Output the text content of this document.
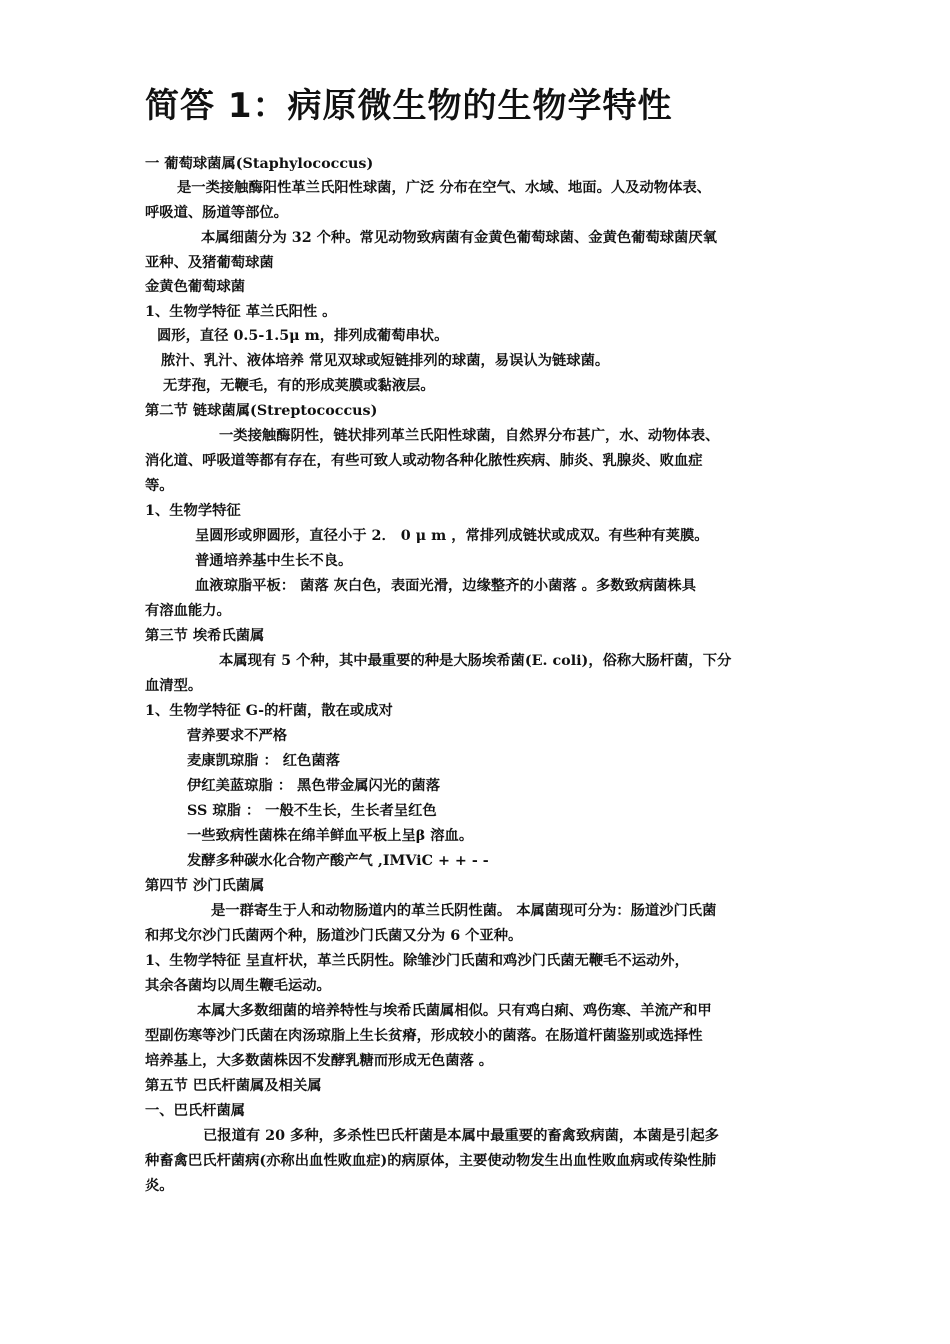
简答 1：病原微生物的生物学特性

一 葡萄球菌属(Staphylococcus)

是一类接触酶阳性革兰氏阳性球菌，广泛 分布在空气、水域、地面。人及动物体表、

呼吸道、肠道等部位。

本属细菌分为 32 个种。常见动物致病菌有金黄色葡萄球菌、金黄色葡萄球菌厌氧

亚种、及猪葡萄球菌

金黄色葡萄球菌

1、生物学特征 革兰氏阳性 。

圆形，直径 0.5-1.5μ m，排列成葡萄串状。

脓汁、乳汁、液体培养 常见双球或短链排列的球菌，易误认为链球菌。

无芽孢，无鞭毛，有的形成荚膜或黏液层。

第二节 链球菌属(Streptococcus)

一类接触酶阴性，链状排列革兰氏阳性球菌，自然界分布甚广，水、动物体表、

消化道、呼吸道等都有存在，有些可致人或动物各种化脓性疾病、肺炎、乳腺炎、败血症

等。

1、生物学特征

呈圆形或卵圆形，直径小于 2． 0 μ m ，常排列成链状或成双。有些种有荚膜。

普通培养基中生长不良。

血液琼脂平板： 菌落 灰白色，表面光滑，边缘整齐的小菌落 。多数致病菌株具

有溶血能力。

第三节 埃希氏菌属

本属现有 5 个种，其中最重要的种是大肠埃希菌(E. coli)，俗称大肠杆菌，下分

血清型。

1、生物学特征 G-的杆菌，散在或成对

营养要求不严格

麦康凯琼脂 ： 红色菌落

伊红美蓝琼脂 ： 黑色带金属闪光的菌落

SS 琼脂 ： 一般不生长，生长者呈红色

一些致病性菌株在绵羊鲜血平板上呈β 溶血。

发酵多种碳水化合物产酸产气 ,IMViC + + - -

第四节 沙门氏菌属

是一群寄生于人和动物肠道内的革兰氏阴性菌。 本属菌现可分为：肠道沙门氏菌

和邦戈尔沙门氏菌两个种，肠道沙门氏菌又分为 6 个亚种。

1、生物学特征 呈直杆状，革兰氏阴性。除雏沙门氏菌和鸡沙门氏菌无鞭毛不运动外，

其余各菌均以周生鞭毛运动。

本属大多数细菌的培养特性与埃希氏菌属相似。只有鸡白痢、鸡伤寒、羊流产和甲

型副伤寒等沙门氏菌在肉汤琼脂上生长贫瘠，形成较小的菌落。在肠道杆菌鉴别或选择性

培养基上，大多数菌株因不发酵乳糖而形成无色菌落 。

第五节 巴氏杆菌属及相关属

一、巴氏杆菌属

已报道有 20 多种，多杀性巴氏杆菌是本属中最重要的畜禽致病菌，本菌是引起多

种畜禽巴氏杆菌病(亦称出血性败血症)的病原体，主要使动物发生出血性败血病或传染性肺

炎。
